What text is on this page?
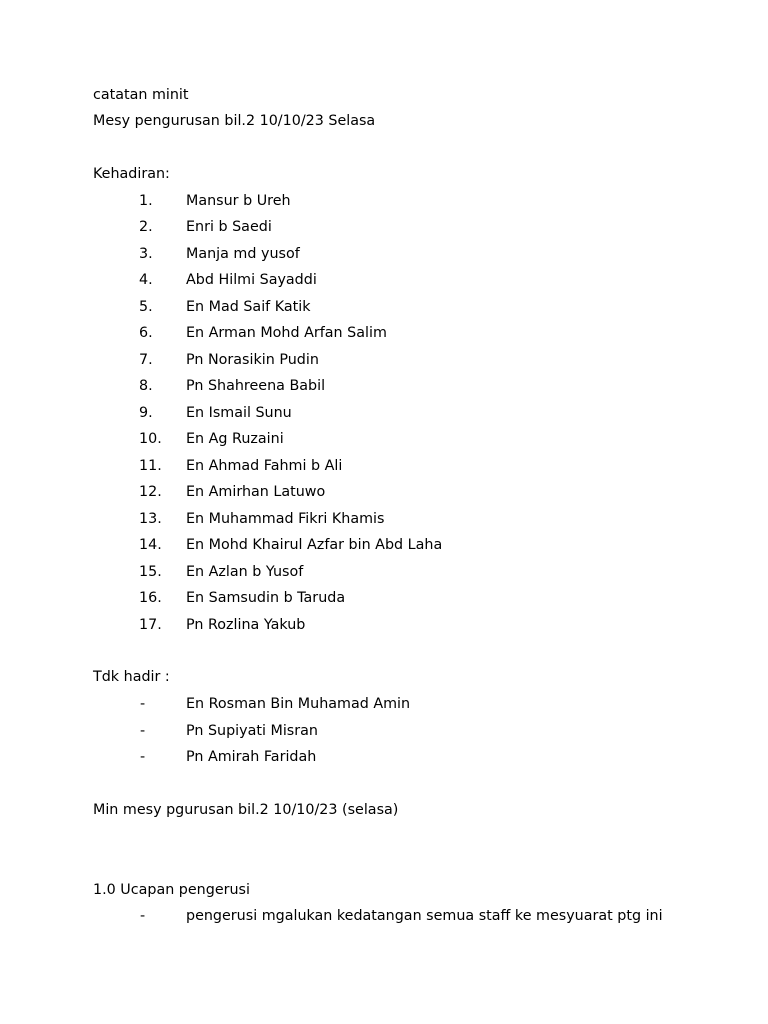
catatan minit
Mesy pengurusan bil.2 10/10/23 Selasa
Kehadiran:
1. Mansur b Ureh
2. Enri b Saedi
3. Manja md yusof
4. Abd Hilmi Sayaddi
5. En Mad Saif Katik
6. En Arman Mohd Arfan Salim
7. Pn Norasikin Pudin
8. Pn Shahreena Babil
9. En Ismail Sunu
10. En Ag Ruzaini
11. En Ahmad Fahmi b Ali
12. En Amirhan Latuwo
13. En Muhammad Fikri Khamis
14. En Mohd Khairul Azfar bin Abd Laha
15. En Azlan b Yusof
16. En Samsudin b Taruda
17. Pn Rozlina Yakub
Tdk hadir :
-	En Rosman Bin Muhamad Amin
-	Pn Supiyati Misran
-	Pn Amirah Faridah
Min mesy pgurusan bil.2 10/10/23 (selasa)
1.0 Ucapan pengerusi
-	pengerusi mgalukan kedatangan semua staff ke mesyuarat ptg ini
